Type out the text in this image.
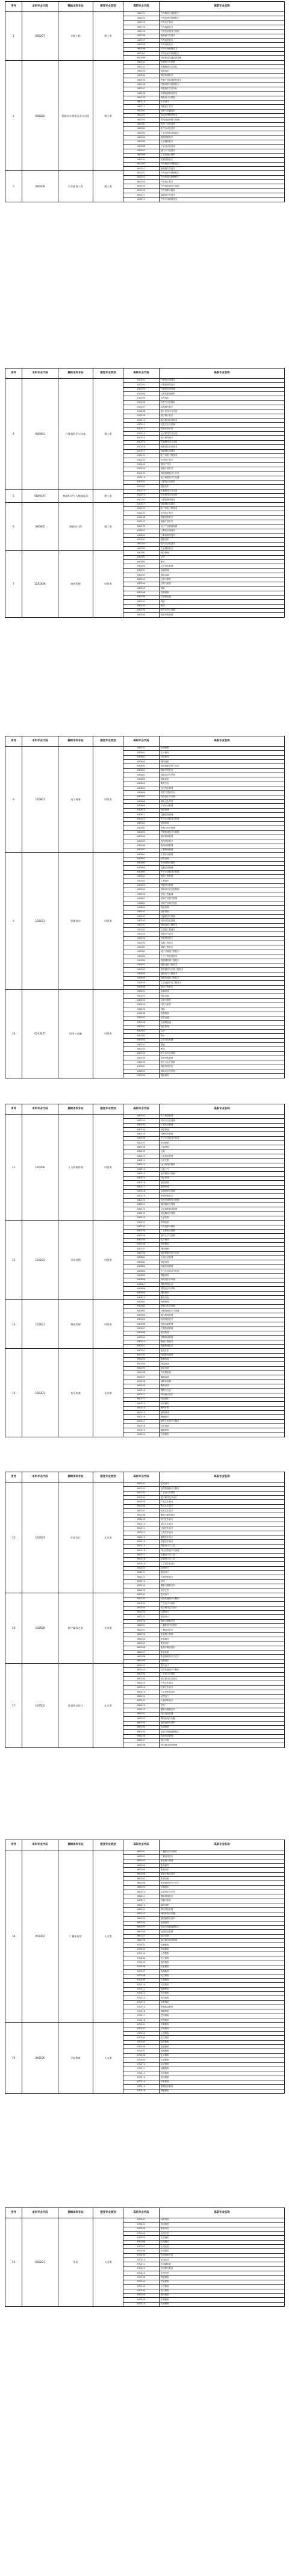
序号	本科专业代码	接续本科专业	接受专业类别	高职专业代码	高职专业名称
1	080207	车辆工程	理工类	560701	汽车制造与装配技术
				560702	汽车检测与维修技术
				560703	汽车电子技术
				560704	汽车改装技术
				560705	汽车技术服务与营销
				560706	新能源汽车技术
				560707	汽车造型技术
				560708	汽车试验技术
				560709	汽车车身维修技术
				600201	汽车运用与维修技术
				600209	城市轨道交通运营管理
2	080202	机械设计制造及其自动化	理工类	560101	机械设计与制造
				560102	机械制造与自动化
				560103	数控技术
				560104	精密机械技术
				560105	机械产品检测检验技术
				560106	材料成型与控制技术
				560107	焊接技术与自动化
				560108	机械装备制造技术
				560109	模具设计与制造
				560110	工业设计
				560111	特种加工技术
				560201	电机与电器技术
				560202	电线电缆制造技术
				560203	机电设备维修与管理
				560301	机电一体化技术
				560302	电气自动化技术
				560303	工业过程自动化技术
				560304	智能控制技术
				560305	工业网络技术
				560306	工业自动化仪表
				560307	液压与气动技术
				560309	工业机器人技术
				580101	机械设备技术
				600203	汽车制造与装配技术
				600211	新能源汽车技术
3	080208	汽车服务工程	理工类	600201	汽车运用与维修技术
				600202	汽车检测与维修技术
				600203	汽车电子技术
				600205	汽车技术服务与营销
				600206	汽车营销与服务
				600211	新能源汽车技术
				600212	汽车车身维修技术
序号	本科专业代码	接续本科专业	接受专业类别	高职专业代码	高职专业名称
4	080901	计算机科学与技术	理工类	610201	计算机应用技术
				610202	计算机网络技术
				610203	计算机信息管理
				610204	计算机系统维护
				610205	软件技术
				610206	软件与信息服务
				610207	动漫制作技术
				610208	嵌入式技术与应用
				610209	数字展示技术
				610210	数字媒体应用技术
				610211	信息安全与管理
				610212	移动应用开发
				610213	云计算技术与应用
				610214	电子商务技术
				610215	大数据技术与应用
				610216	虚拟现实应用技术
				610217	物联网应用技术
				610101	电子信息工程技术
				610102	应用电子技术
				610103	微电子技术
				610104	智能产品开发
				610105	智能终端技术与应用
				610119	电子测量技术与仪器
				610201	计算机应用技术
				610301	通信技术
5	080910T	数据科学与大数据技术	理工类	610215	大数据技术与应用
				610213	云计算技术与应用
				610202	计算机网络技术
6	080905	物联网工程	理工类	610217	物联网应用技术
				610101	电子信息工程技术
				610102	应用电子技术
				610106	智能控制技术
				610107	智能产品开发
				610109	电子产品质量检测
				610201	计算机应用技术
				610202	计算机网络技术
				610301	通信技术
				560302	电气自动化技术
				560305	工业网络技术
7	120203K	财务管理	经管类	630301	财务管理
				630302	会计
				630303	审计
				630304	会计信息管理
				630201	金融管理
				630202	国际金融
				630203	证券与期货
				630204	信托与租赁
				630205	保险
				630206	投资理财
				630208	互联网金融
				630101	财政
				630102	税务
				630103	资产评估与管理
				630104	政府采购管理
序号	本科专业代码	接续本科专业	接受专业类别	高职专业代码	高职专业名称
8	120801	电子商务	经管类	630701	市场营销
				630801	电子商务
				630802	移动商务
				630803	网络营销
				630804	商务数据分析与应用
				630601	国际贸易实务
				630602	国际经济与贸易
				630603	国际商务
				630604	服务外包
				630605	经济信息管理
				630606	报关与国际货运
				630607	商务经纪与代理
				630608	国际文化贸易
				630609	工商企业管理
				630610	商务管理
				630611	连锁经营管理
				630612	中小企业创业与经营
				630901	物流管理
				630902	采购与供应管理
				630903	冷链物流技术与管理
				630904	港口物流管理
				630905	物流信息技术
				630906	物流金融管理
				630907	工程物流管理
9	120101	管理科学	经管类	630601	工商企业管理
				630602	商务管理
				630603	市场管理与服务
				630604	连锁经营管理
				630605	中小企业创业与经营
				540501	建设工程管理
				540502	工程造价
				540503	建筑经济管理
				540504	建设项目信息化管理
				540505	建设工程监理
				540601	房地产经营与管理
				540602	房地产检测与估价
				540603	物业管理
				540101	城乡规划
				540102	村镇建设与管理
				540103	城市信息化管理
				540201	建筑装饰工程技术
				540202	古建筑工程技术
				540203	建筑室内设计
				540204	风景园林设计
				540205	园林工程技术
				540301	建筑工程技术
				540302	地下与隧道工程技术
				540303	土木工程检测技术
				540304	建筑钢结构工程技术
				540401	建筑设备工程技术
				540402	供热通风与空调工程技术
				540403	建筑电气工程技术
				540404	建筑智能化工程技术
				540405	工业设备安装工程技术
				540406	消防工程技术
10	020307T	经济与金融	经管类	630201	金融管理
				630202	国际金融
				630203	证券与期货
				630204	信托与租赁
				630205	保险
				630206	投资理财
				630207	农村金融
				630208	互联网金融
				630301	财务管理
				630302	会计
				630303	审计
				630304	会计信息管理
				630101	财政
				630102	税务
				630103	资产评估与管理
				630104	政府采购管理
				630105	统计与会计核算
				630501	国际贸易实务
				630502	国际经济与贸易
				630503	国际商务
序号	本科专业代码	接续本科专业	接受专业类别	高职专业代码	高职专业名称
11	120206	人力资源管理	经管类	630101	人力资源管理
				630102	劳动与社会保障
				630103	工商企业管理
				630104	商务管理
				630105	连锁经营管理
				630106	中小企业创业与经营
				630107	市场营销
				630108	行政管理
				630109	文秘
				630110	公共事务管理
				630111	公共关系
				630112	社区管理与服务
				630113	社会工作
				630114	老年服务与管理
				630115	物业管理
				630116	酒店管理
				630117	旅游管理
				630118	会展策划与管理
				630119	民族传统技艺
				630120	现代家政服务与管理
				630121	婚庆服务与管理
				630122	社会福利事业管理
				630123	殡仪服务与管理
				630124	人民武装
12	120202	市场营销	经管类	630701	市场营销
				630702	汽车营销与服务
				630703	广告策划与营销
				630704	茶叶生产与营销
				630705	电子商务
				630706	移动商务
				630707	网络营销
				630708	商务数据分析与应用
				630801	工商企业管理
				630802	商务管理
				630803	连锁经营管理
				630804	中小企业创业与经营
				630805	商检技术
				630806	商务经纪与代理
				630807	国际贸易实务
				630808	国际经济与贸易
				630809	国际商务
				630810	服务外包
13	120601	物流管理	经管类	630901	物流管理
				630902	采购与供应管理
				630903	冷链物流技术与管理
				630904	港口物流管理
				630905	物流信息技术
				630906	物流金融管理
				630907	工程物流管理
				630908	航空物流
				630909	铁路物流管理
				630910	物流工程技术
				630911	智能物流技术
14	130201	音乐表演	艺术类	650201	表演艺术
				650202	戏剧影视表演
				650203	歌舞表演
				650204	戏曲表演
				650205	曲艺表演
				650206	音乐剧表演
				650207	舞蹈表演
				650208	国际标准舞
				650209	服装表演
				650210	模特与礼仪
				650211	现代流行音乐
				650212	作曲技术
				650213	音乐制作
				650214	钢琴伴奏
				650215	钢琴调律
				650216	舞蹈编导
				650217	舞台艺术设计与制作
				650218	音乐表演
				650219	舞蹈教育
				650220	音乐教育
序号	本科专业代码	接续本科专业	接受专业类别	高职专业代码	高职专业名称
15	130503	环境设计	艺术类	650101	艺术设计
				650102	视觉传播设计与制作
				650103	广告设计与制作
				650104	数字媒体艺术设计
				650105	产品艺术设计
				650106	家具艺术设计
				650107	皮具艺术设计
				650108	服装与服饰设计
				650109	室内艺术设计
				650110	展示艺术设计
				650111	环境艺术设计
				650112	公共艺术设计
				650113	雕刻艺术设计
				650114	包装艺术设计
				650115	陶瓷设计与工艺
				650116	珠宝首饰技术与管理
				650117	玉器设计与工艺
				650118	首饰设计与工艺
				650119	工艺美术品设计
				650120	动漫设计
				650121	游戏设计
				650122	人物形象设计
				650123	美术
				650124	摄影与摄像艺术
				650125	录音艺术
16	130508	数字媒体艺术	艺术类	650101	艺术设计
				650102	视觉传播设计与制作
				650103	广告设计与制作
				650104	数字媒体艺术设计
				650120	动漫设计
				650121	游戏设计
				650124	摄影与摄像艺术
				660201	广播影视节目制作
				660202	广播电视技术
				660203	影视制片管理
				660204	影视编导
				660205	影视美术
				660206	影视多媒体技术
				660207	影视动画
				660208	影视照明技术与艺术
				660209	音像技术
17	130502	视觉传达设计	艺术类	650101	艺术设计
				650102	视觉传播设计与制作
				650103	广告设计与制作
				650104	数字媒体艺术设计
				650105	产品艺术设计
				650114	包装艺术设计
				650119	工艺美术品设计
				650120	动漫设计
				650122	人物形象设计
				650123	美术
				650124	摄影与摄像艺术
				660101	图文信息处理
				660102	网络新闻与传播
				660103	版面编辑与校对
				660104	出版商务
				660105	出版与电脑编辑技术
				660106	出版信息管理
				660107	数字出版
				660108	数字媒体设备管理
序号	本科专业代码	接续本科专业	接受专业类别	高职专业代码	高职专业名称
18	050302	广播电视学	人文类	660201	广播影视节目制作
				660202	广播电视技术
				660203	影视制片管理
				660204	影视编导
				660205	影视美术
				660206	影视多媒体技术
				660207	影视动画
				660208	影视照明技术与艺术
				660209	音像技术
				660210	录音技术与艺术
				660211	摄影摄像技术
				660212	传播与策划
				660213	媒体营销
				660101	图文信息处理
				660102	网络新闻与传播
				660103	版面编辑与校对
				660104	出版商务
				660105	出版与电脑编辑技术
				660106	出版信息管理
				660107	数字出版
				660108	数字媒体设备管理
				670101	早期教育
				670102	学前教育
				670103	小学教育
				670104	语文教育
				670105	数学教育
				670106	英语教育
				670107	物理教育
				670108	化学教育
				670109	生物教育
				670110	历史教育
				670111	地理教育
				670112	音乐教育
				670113	美术教育
				670114	体育教育
				670115	思想政治教育
				670116	舞蹈教育
				670117	艺术教育
				670118	特殊教育
19	040106	学前教育	人文类	670101	早期教育
				670102	学前教育
				670103	小学教育
				670104	语文教育
				670105	数学教育
				670106	英语教育
				670107	物理教育
				670108	化学教育
				670109	生物教育
				670110	历史教育
				670111	地理教育
				670112	音乐教育
				670113	美术教育
				670114	体育教育
				670115	思想政治教育
				670116	舞蹈教育
序号	本科专业代码	接续本科专业	接受专业类别	高职专业代码	高职专业名称
20	050201	英语	人文类	670201	商务英语
				670202	应用英语
				670203	旅游英语
				670204	应用日语
				670205	应用韩语
				670206	应用俄语
				670207	应用法语
				670208	应用德语
				670209	应用西班牙语
				670210	应用泰语
				670211	应用越南语
				670212	应用阿拉伯语
				670213	应用外语
				670106	英语教育
				670102	学前教育
				670103	小学教育
				670104	语文教育
				670105	数学教育
				670109	生物教育
				670110	历史教育
